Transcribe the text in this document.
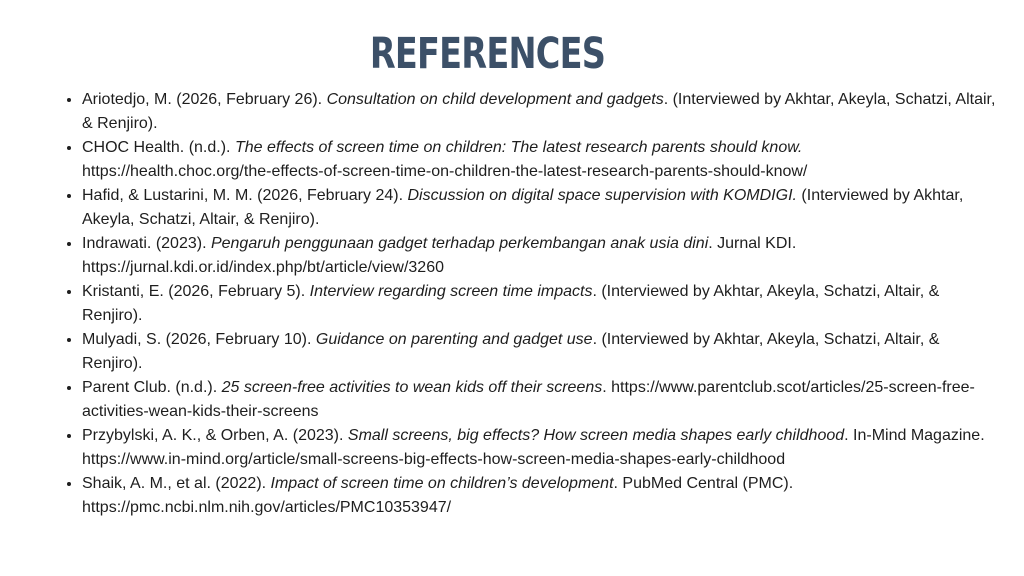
REFERENCES
• Ariotedjo, M. (2026, February 26). Consultation on child development and gadgets. (Interviewed by Akhtar, Akeyla, Schatzi, Altair, & Renjiro).
• CHOC Health. (n.d.). The effects of screen time on children: The latest research parents should know. https://health.choc.org/the-effects-of-screen-time-on-children-the-latest-research-parents-should-know/
• Hafid, & Lustarini, M. M. (2026, February 24). Discussion on digital space supervision with KOMDIGI. (Interviewed by Akhtar, Akeyla, Schatzi, Altair, & Renjiro).
• Indrawati. (2023). Pengaruh penggunaan gadget terhadap perkembangan anak usia dini. Jurnal KDI. https://jurnal.kdi.or.id/index.php/bt/article/view/3260
• Kristanti, E. (2026, February 5). Interview regarding screen time impacts. (Interviewed by Akhtar, Akeyla, Schatzi, Altair, & Renjiro).
• Mulyadi, S. (2026, February 10). Guidance on parenting and gadget use. (Interviewed by Akhtar, Akeyla, Schatzi, Altair, & Renjiro).
• Parent Club. (n.d.). 25 screen-free activities to wean kids off their screens. https://www.parentclub.scot/articles/25-screen-free-activities-wean-kids-their-screens
• Przybylski, A. K., & Orben, A. (2023). Small screens, big effects? How screen media shapes early childhood. In-Mind Magazine. https://www.in-mind.org/article/small-screens-big-effects-how-screen-media-shapes-early-childhood
• Shaik, A. M., et al. (2022). Impact of screen time on children’s development. PubMed Central (PMC). https://pmc.ncbi.nlm.nih.gov/articles/PMC10353947/
